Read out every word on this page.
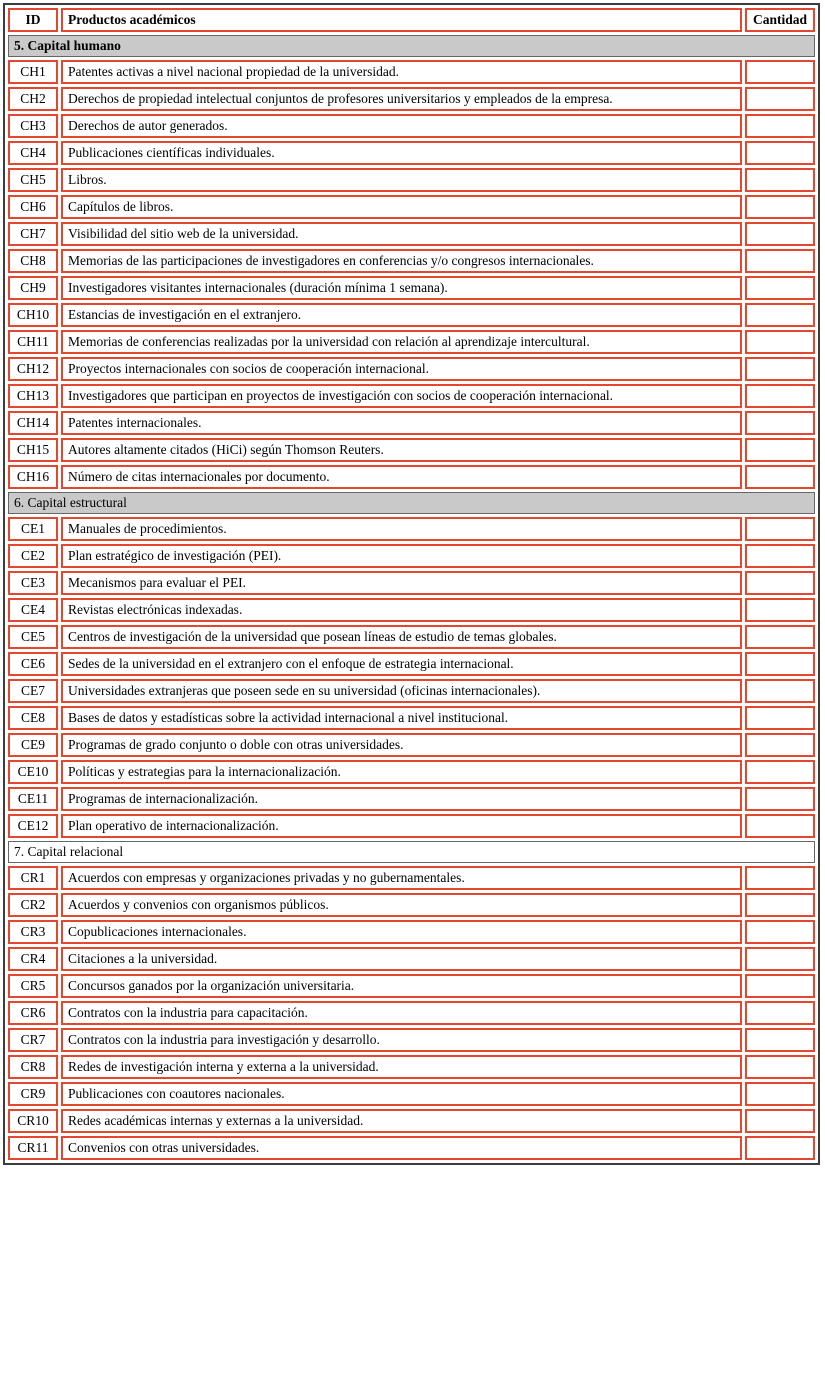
ID	Productos académicos	Cantidad
5. Capital humano		
CH1	Patentes activas a nivel nacional propiedad de la universidad.	
CH2	Derechos de propiedad intelectual conjuntos de profesores universitarios y empleados de la empresa.	
CH3	Derechos de autor generados.	
CH4	Publicaciones científicas individuales.	
CH5	Libros.	
CH6	Capítulos de libros.	
CH7	Visibilidad del sitio web de la universidad.	
CH8	Memorias de las participaciones de investigadores en conferencias y/o congresos internacionales.	
CH9	Investigadores visitantes internacionales (duración mínima 1 semana).	
CH10	Estancias de investigación en el extranjero.	
CH11	Memorias de conferencias realizadas por la universidad con relación al aprendizaje intercultural.	
CH12	Proyectos internacionales con socios de cooperación internacional.	
CH13	Investigadores que participan en proyectos de investigación con socios de cooperación internacional.	
CH14	Patentes internacionales.	
CH15	Autores altamente citados (HiCi) según Thomson Reuters.	
CH16	Número de citas internacionales por documento.	
6. Capital estructural		
CE1	Manuales de procedimientos.	
CE2	Plan estratégico de investigación (PEI).	
CE3	Mecanismos para evaluar el PEI.	
CE4	Revistas electrónicas indexadas.	
CE5	Centros de investigación de la universidad que posean líneas de estudio de temas globales.	
CE6	Sedes de la universidad en el extranjero con el enfoque de estrategia internacional.	
CE7	Universidades extranjeras que poseen sede en su universidad (oficinas internacionales).	
CE8	Bases de datos y estadísticas sobre la actividad internacional a nivel institucional.	
CE9	Programas de grado conjunto o doble con otras universidades.	
CE10	Políticas y estrategias para la internacionalización.	
CE11	Programas de internacionalización.	
CE12	Plan operativo de internacionalización.	
7. Capital relacional		
CR1	Acuerdos con empresas y organizaciones privadas y no gubernamentales.	
CR2	Acuerdos y convenios con organismos públicos.	
CR3	Copublicaciones internacionales.	
CR4	Citaciones a la universidad.	
CR5	Concursos ganados por la organización universitaria.	
CR6	Contratos con la industria para capacitación.	
CR7	Contratos con la industria para investigación y desarrollo.	
CR8	Redes de investigación interna y externa a la universidad.	
CR9	Publicaciones con coautores nacionales.	
CR10	Redes académicas internas y externas a la universidad.	
CR11	Convenios con otras universidades.	
